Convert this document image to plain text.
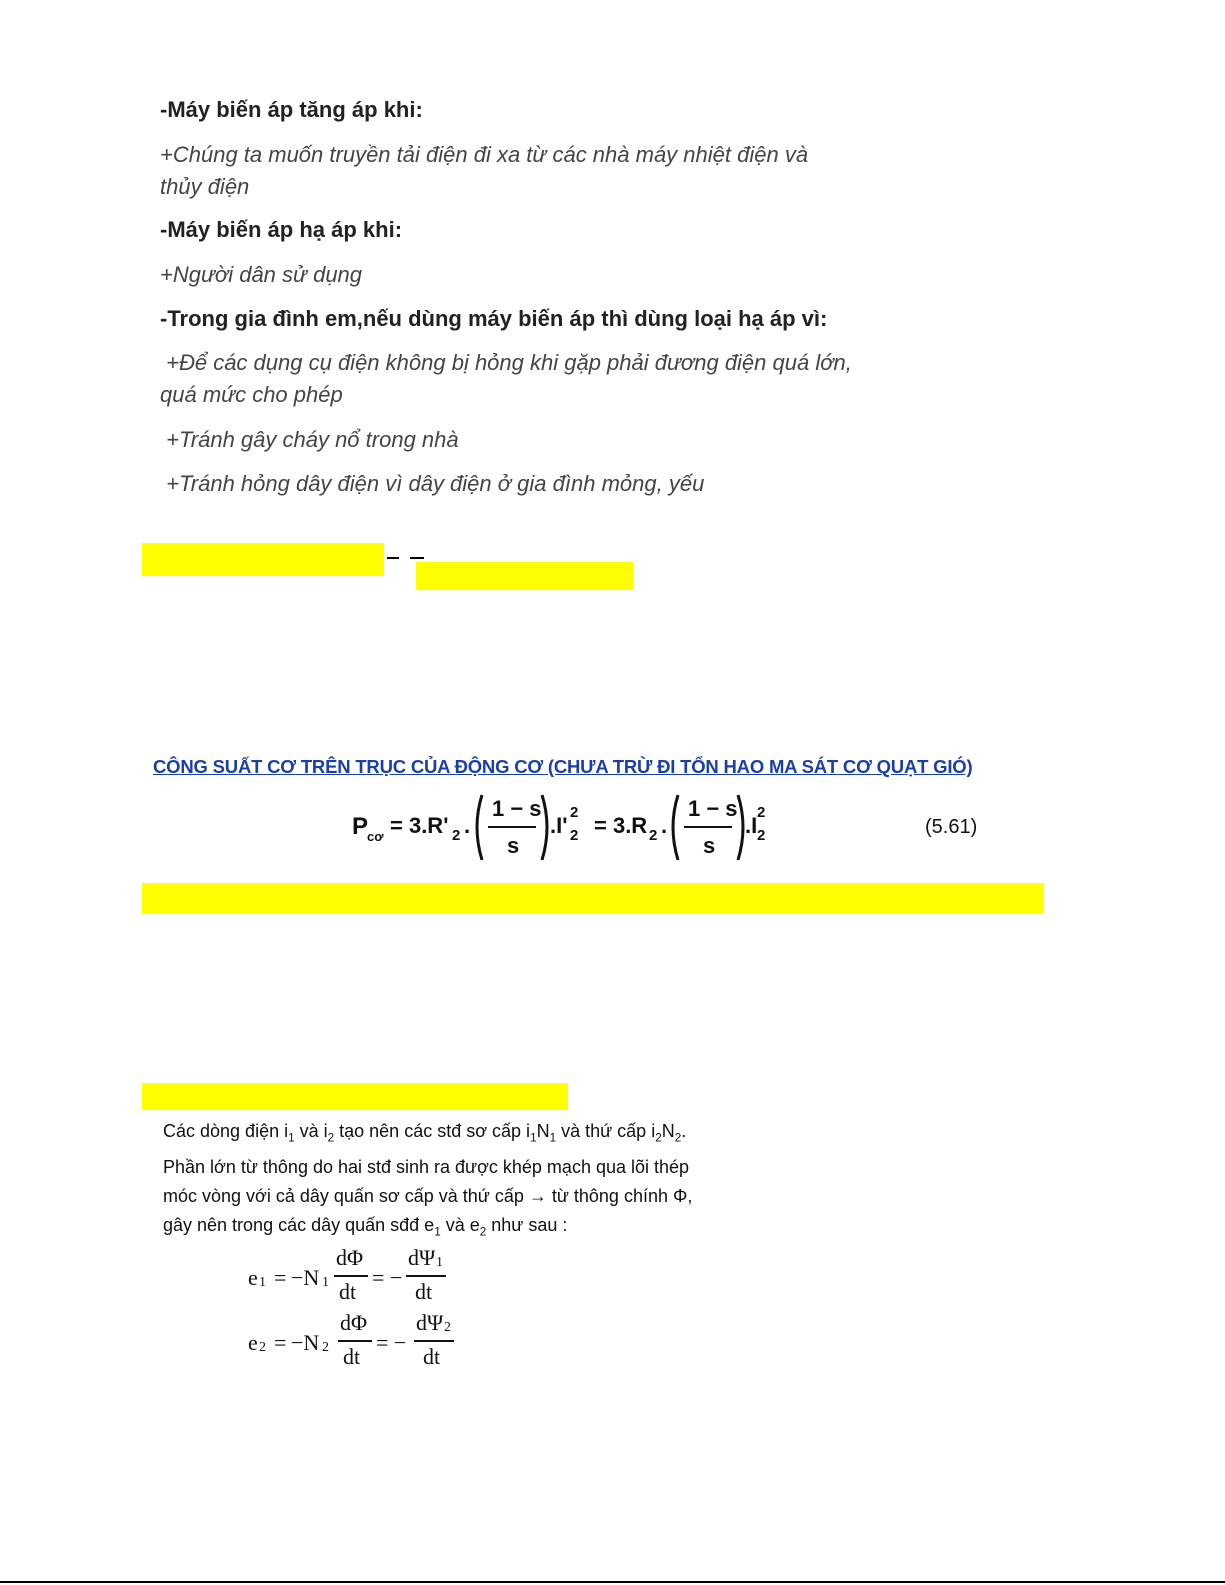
-Máy biến áp tăng áp khi:
+Chúng ta muốn truyền tải điện đi xa từ các nhà máy nhiệt điện và
thủy điện
-Máy biến áp hạ áp khi:
+Người dân sử dụng
-Trong gia đình em,nếu dùng máy biến áp thì dùng loại hạ áp vì:
+Để các dụng cụ điện không bị hỏng khi gặp phải đương điện quá lớn,
quá mức cho phép
+Tránh gây cháy nổ trong nhà
+Tránh hỏng dây điện vì dây điện ở gia đình mỏng, yếu
CÔNG SUẤT CƠ TRÊN TRỤC CỦA ĐỘNG CƠ (CHƯA TRỪ ĐI TỔN HAO MA SÁT CƠ QUẠT GIÓ)
P
cơ = 3.R' 2 .
1 − s
s
.I'
2
2 = 3.R 2 .
1 − s
s
.I
2
2	(5.61)
Các dòng điện $i_1$ và $i_2$ tạo nên các stđ sơ cấp $i_1N_1$ và thứ cấp $i_2N_2$.
Phần lớn từ thông do hai stđ sinh ra được khép mạch qua lõi thép
móc vòng với cả dây quấn sơ cấp và thứ cấp → từ thông chính Φ,
gây nên trong các dây quấn sđđ $e_1$ và $e_2$ như sau :
e 1 = −N 1
dΦ
dt
= −
dΨ 1
dt
e 2 = −N 2
dΦ
dt
= −
dΨ 2
dt
